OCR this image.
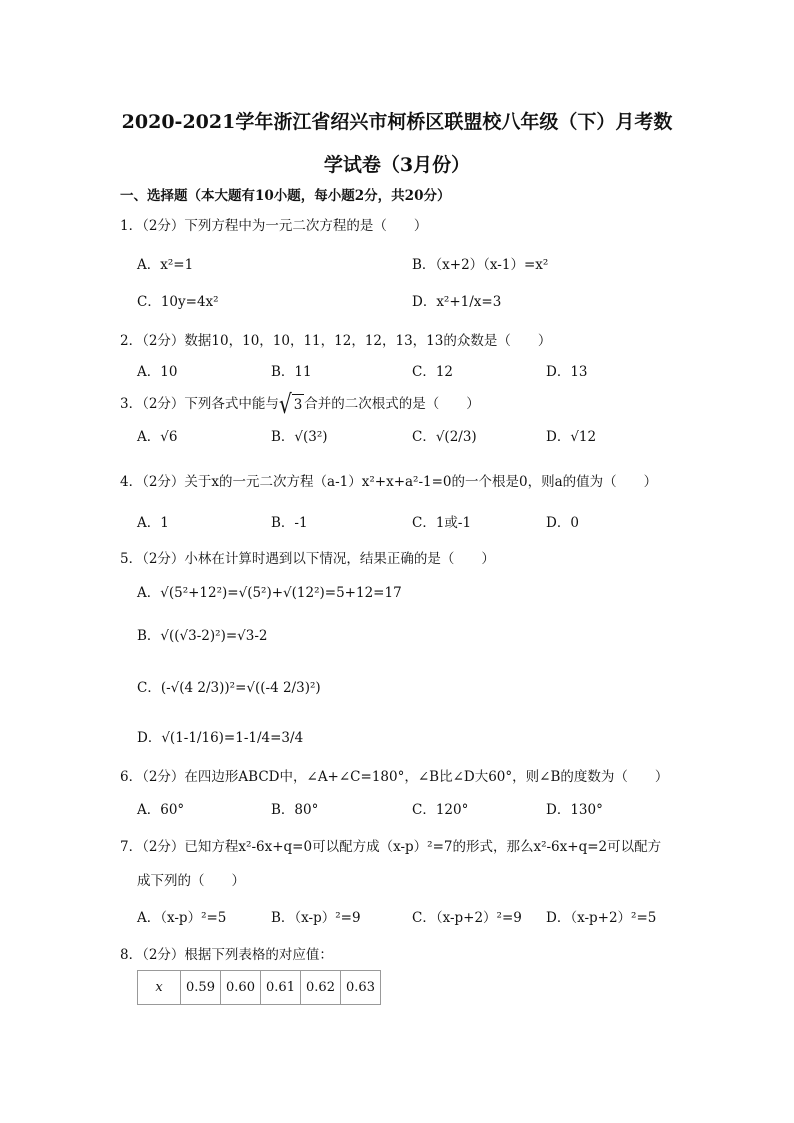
2020-2021学年浙江省绍兴市柯桥区联盟校八年级（下）月考数
学试卷（3月份）
一、选择题（本大题有10小题，每小题2分，共20分）
1．（2分）下列方程中为一元二次方程的是（　　）
A．x²=1	B．（x+2）（x-1）=x²
C．10y=4x²	D．x²+1/x=3
2．（2分）数据10，10，10，11，12，12，13，13的众数是（　　）
A．10	B．11	C．12	D．13
3．（2分）下列各式中能与 √ 3 合并的二次根式的是（　　）
A．√6	B．√(3²)	C．√(2/3)	D．√12
4．（2分）关于x的一元二次方程（a-1）x²+x+a²-1=0的一个根是0，则a的值为（　　）
A．1	B．-1	C．1或-1	D．0
5．（2分）小林在计算时遇到以下情况，结果正确的是（　　）
A．√(5²+12²)=√(5²)+√(12²)=5+12=17
B．√((√3-2)²)=√3-2
C．(-√(4 2/3))²=√((-4 2/3)²)
D．√(1-1/16)=1-1/4=3/4
6．（2分）在四边形ABCD中，∠A+∠C=180°，∠B比∠D大60°，则∠B的度数为（　　）
A．60°	B．80°	C．120°	D．130°
7．（2分）已知方程x²-6x+q=0可以配方成（x-p）²=7的形式，那么x²-6x+q=2可以配方
成下列的（　　）
A．（x-p）²=5	B．（x-p）²=9	C．（x-p+2）²=9 D．（x-p+2）²=5
8．（2分）根据下列表格的对应值：
x	0.59	0.60	0.61	0.62	0.63
